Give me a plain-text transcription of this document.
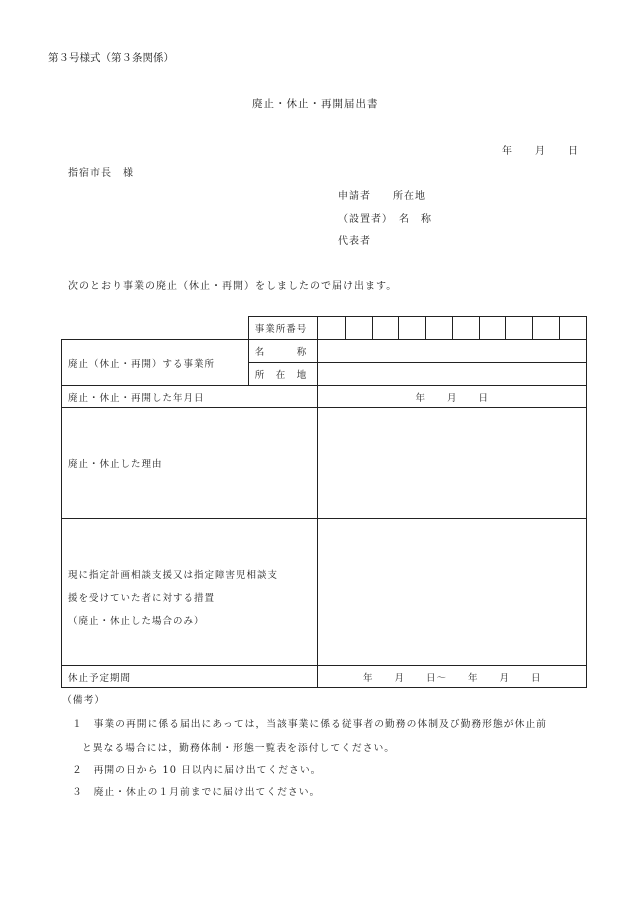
第３号様式（第３条関係）
廃止・休止・再開届出書
年　　月　　日
指宿市長　様
申請者　　所在地
（設置者）　名　称
代表者
次のとおり事業の廃止（休止・再開）をしましたので届け出ます。
	事業所番号										
廃止（休止・再開）する事業所	名　　　称										
	所　在　地										
廃止・休止・再開した年月日		年　　月　　日									
廃止・休止した理由											

現に指定計画相談支援又は指定障害児相談支
援を受けていた者に対する措置
（廃止・休止した場合のみ）											

休止予定期間		年　　月　　日～　　年　　月　　日									
（備考）
１　事業の再開に係る届出にあっては，当該事業に係る従事者の勤務の体制及び勤務形態が休止前
と異なる場合には，勤務体制・形態一覧表を添付してください。
２　再開の日から 10 日以内に届け出てください。
３　廃止・休止の１月前までに届け出てください。
